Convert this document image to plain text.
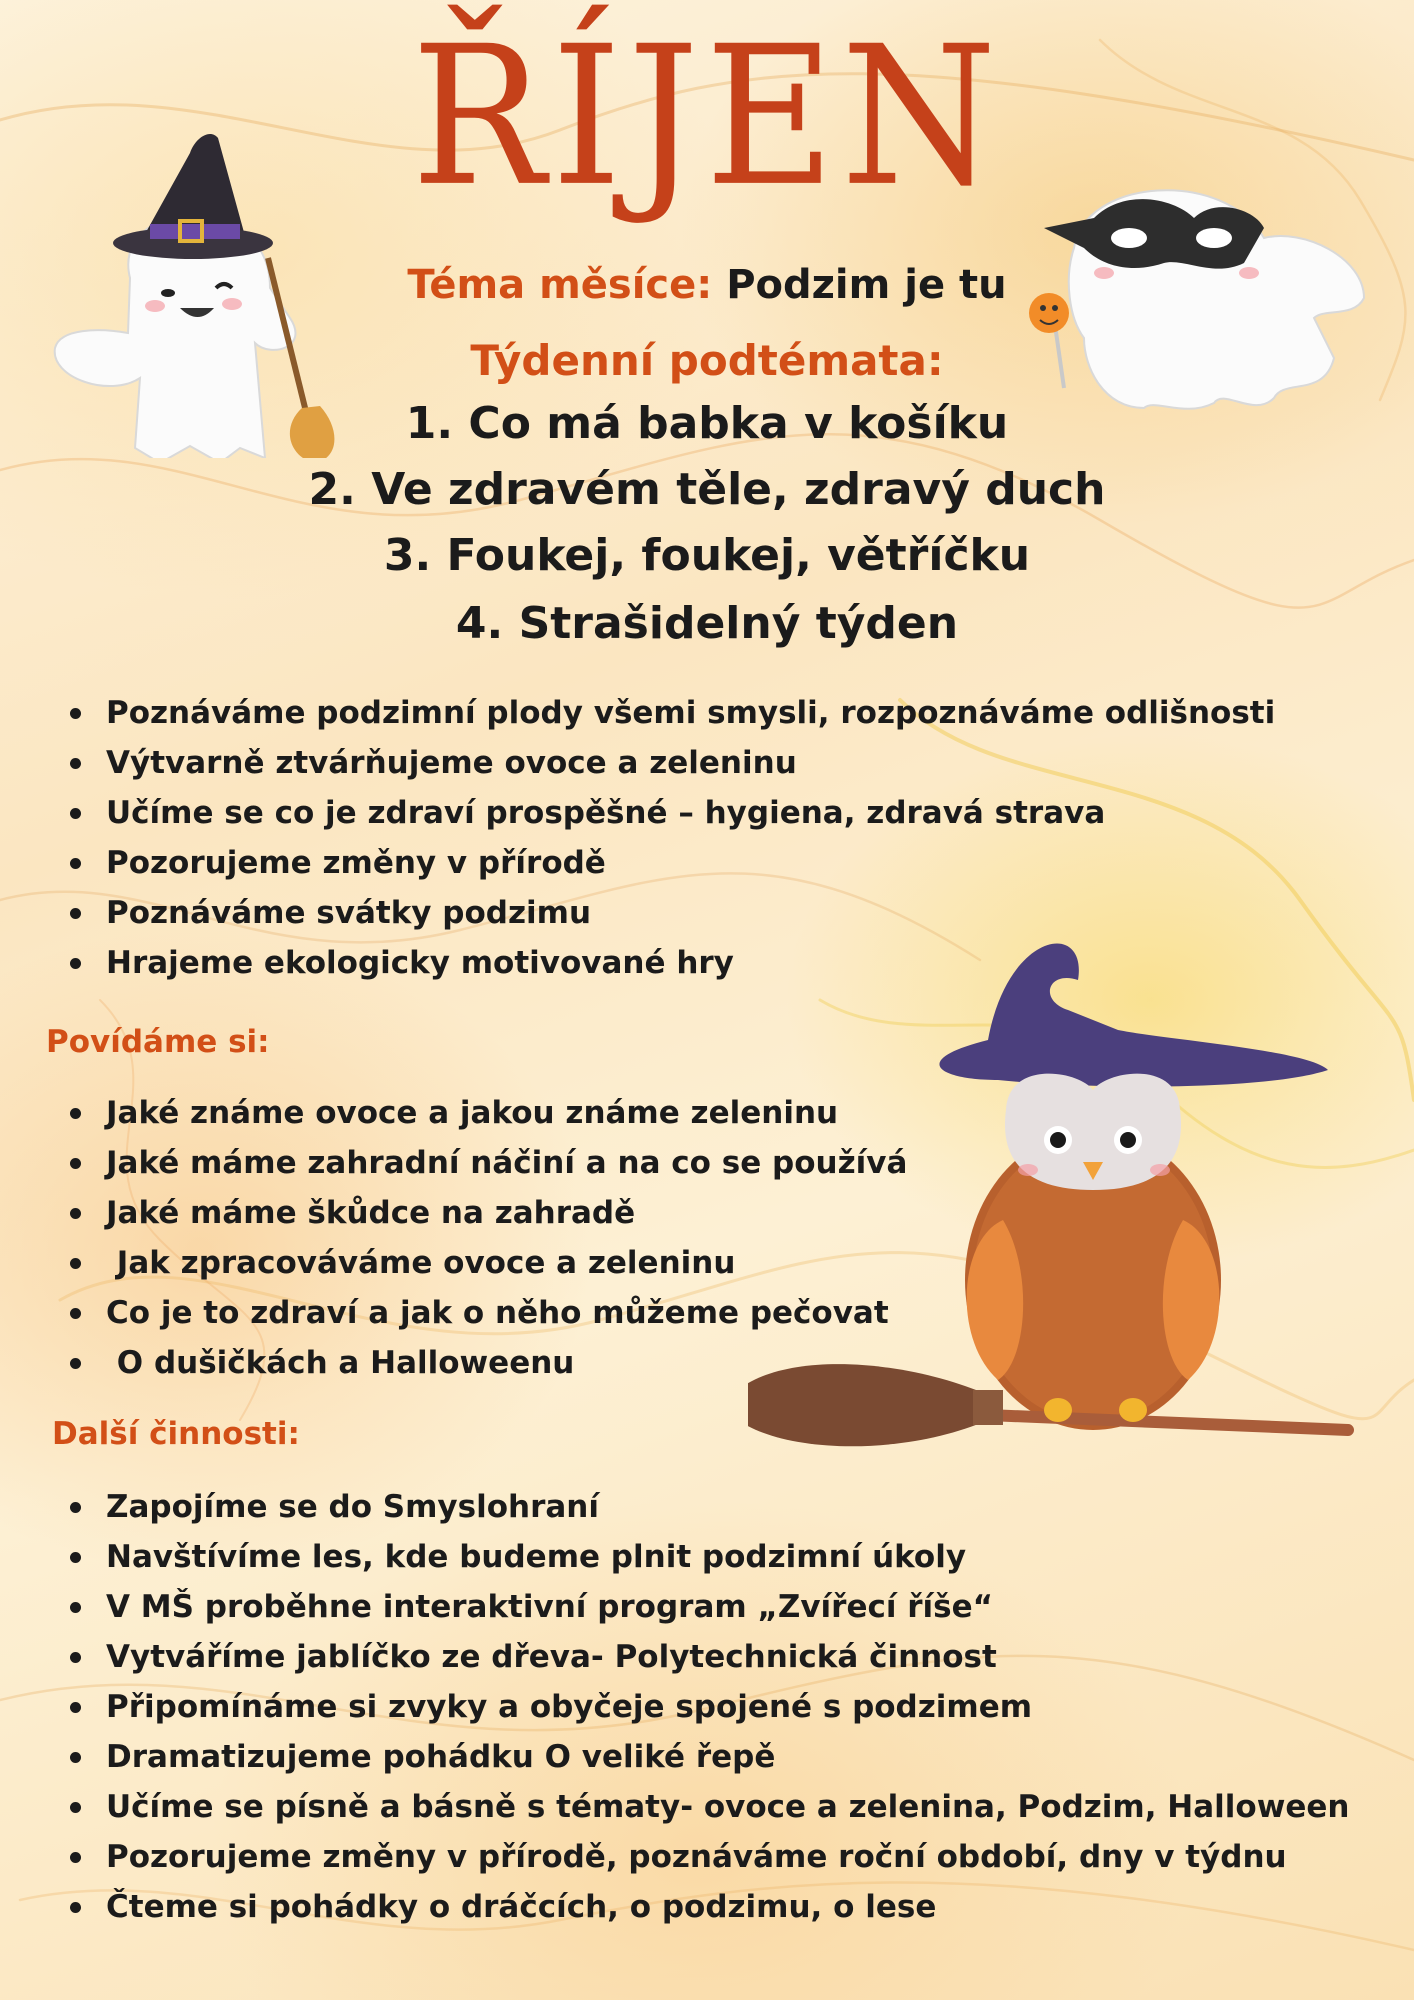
ŘÍJEN
Téma měsíce: Podzim je tu
Týdenní podtémata:
1. Co má babka v košíku
2. Ve zdravém těle, zdravý duch
3. Foukej, foukej, větříčku
4. Strašidelný týden
Poznáváme podzimní plody všemi smysli, rozpoznáváme odlišnosti
Výtvarně ztvárňujeme ovoce a zeleninu
Učíme se co je zdraví prospěšné – hygiena, zdravá strava
Pozorujeme změny v přírodě
Poznáváme svátky podzimu
Hrajeme ekologicky motivované hry
Povídáme si:
Jaké známe ovoce a jakou známe zeleninu
Jaké máme zahradní náčiní a na co se používá
Jaké máme škůdce na zahradě
Jak zpracováváme ovoce a zeleninu
Co je to zdraví a jak o něho můžeme pečovat
O dušičkách a Halloweenu
Další činnosti:
Zapojíme se do Smyslohraní
Navštívíme les, kde budeme plnit podzimní úkoly
V MŠ proběhne interaktivní program „Zvířecí říše“
Vytváříme jablíčko ze dřeva- Polytechnická činnost
Připomínáme si zvyky a obyčeje spojené s podzimem
Dramatizujeme pohádku O veliké řepě
Učíme se písně a básně s tématy- ovoce a zelenina, Podzim, Halloween
Pozorujeme změny v přírodě, poznáváme roční období, dny v týdnu
Čteme si pohádky o dráčcích, o podzimu, o lese
